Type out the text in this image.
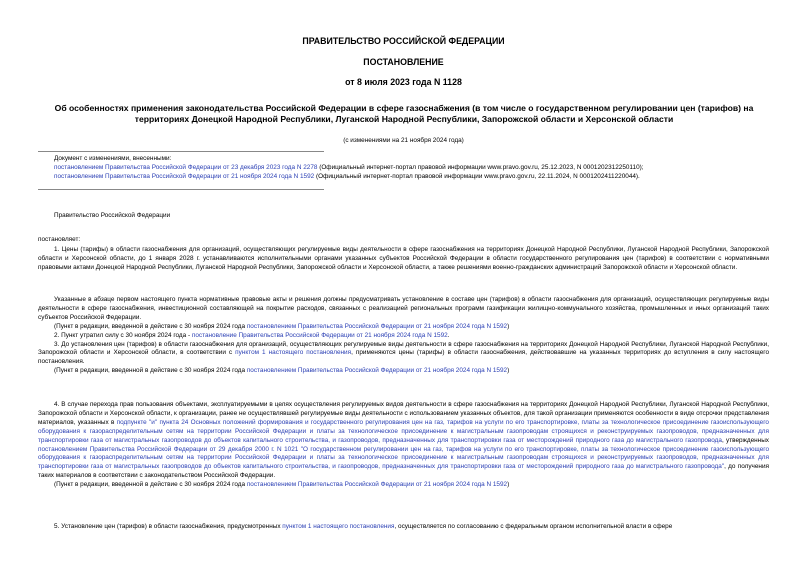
ПРАВИТЕЛЬСТВО РОССИЙСКОЙ ФЕДЕРАЦИИ
ПОСТАНОВЛЕНИЕ
от 8 июля 2023 года N 1128
Об особенностях применения законодательства Российской Федерации в сфере газоснабжения (в том числе о государственном регулировании цен (тарифов) на территориях Донецкой Народной Республики, Луганской Народной Республики, Запорожской области и Херсонской области
(с изменениями на 21 ноября 2024 года)
Документ с изменениями, внесенными:
постановлением Правительства Российской Федерации от 23 декабря 2023 года N 2278 (Официальный интернет-портал правовой информации www.pravo.gov.ru, 25.12.2023, N 0001202312250110);
постановлением Правительства Российской Федерации от 21 ноября 2024 года N 1592 (Официальный интернет-портал правовой информации www.pravo.gov.ru, 22.11.2024, N 0001202411220044).
Правительство Российской Федерации
постановляет:

1. Цены (тарифы) в области газоснабжения для организаций, осуществляющих регулируемые виды деятельности в сфере газоснабжения на территориях Донецкой Народной Республики, Луганской Народной Республики, Запорожской области и Херсонской области, до 1 января 2028 г. устанавливаются исполнительными органами указанных субъектов Российской Федерации в области государственного регулирования цен (тарифов) в соответствии с нормативными правовыми актами Донецкой Народной Республики, Луганской Народной Республики, Запорожской области и Херсонской области, а также решениями военно-гражданских администраций Запорожской области и Херсонской области.

Указанные в абзаце первом настоящего пункта нормативные правовые акты и решения должны предусматривать установление в составе цен (тарифов) в области газоснабжения для организаций, осуществляющих регулируемые виды деятельности в сфере газоснабжения, инвестиционной составляющей на покрытие расходов, связанных с реализацией региональных программ газификации жилищно-коммунального хозяйства, промышленных и иных организаций таких субъектов Российской Федерации.

(Пункт в редакции, введенной в действие с 30 ноября 2024 года постановлением Правительства Российской Федерации от 21 ноября 2024 года N 1592)

2. Пункт утратил силу с 30 ноября 2024 года - постановление Правительства Российской Федерации от 21 ноября 2024 года N 1592.

3. До установления цен (тарифов) в области газоснабжения для организаций, осуществляющих регулируемые виды деятельности в сфере газоснабжения на территориях Донецкой Народной Республики, Луганской Народной Республики, Запорожской области и Херсонской области, в соответствии с пунктом 1 настоящего постановления, применяются цены (тарифы) в области газоснабжения, действовавшие на указанных территориях до вступления в силу настоящего постановления.

(Пункт в редакции, введенной в действие с 30 ноября 2024 года постановлением Правительства Российской Федерации от 21 ноября 2024 года N 1592)

4. В случае перехода прав пользования объектами, эксплуатируемыми в целях осуществления регулируемых видов деятельности в сфере газоснабжения на территориях Донецкой Народной Республики, Луганской Народной Республики, Запорожской области и Херсонской области, к организации, ранее не осуществлявшей регулируемые виды деятельности с использованием указанных объектов, для такой организации применяются особенности в виде отсрочки представления материалов, указанных в подпункте "и" пункта 24 Основных положений формирования и государственного регулирования цен на газ, тарифов на услуги по его транспортировке, платы за технологическое присоединение газоиспользующего оборудования к газораспределительным сетям на территории Российской Федерации и платы за технологическое присоединение к магистральным газопроводам строящихся и реконструируемых газопроводов, предназначенных для транспортировки газа от магистральных газопроводов до объектов капитального строительства, и газопроводов, предназначенных для транспортировки газа от месторождений природного газа до магистрального газопровода, утвержденных постановлением Правительства Российской Федерации от 29 декабря 2000 г. N 1021 "О государственном регулировании цен на газ, тарифов на услуги по его транспортировке, платы за технологическое присоединение газоиспользующего оборудования к газораспределительным сетям на территории Российской Федерации и платы за технологическое присоединение к магистральным газопроводам строящихся и реконструируемых газопроводов, предназначенных для транспортировки газа от магистральных газопроводов до объектов капитального строительства, и газопроводов, предназначенных для транспортировки газа от месторождений природного газа до магистрального газопровода", до получения таких материалов в соответствии с законодательством Российской Федерации.

(Пункт в редакции, введенной в действие с 30 ноября 2024 года постановлением Правительства Российской Федерации от 21 ноября 2024 года N 1592)

5. Установление цен (тарифов) в области газоснабжения, предусмотренных пунктом 1 настоящего постановления, осуществляется по согласованию с федеральным органом исполнительной власти в сфере
